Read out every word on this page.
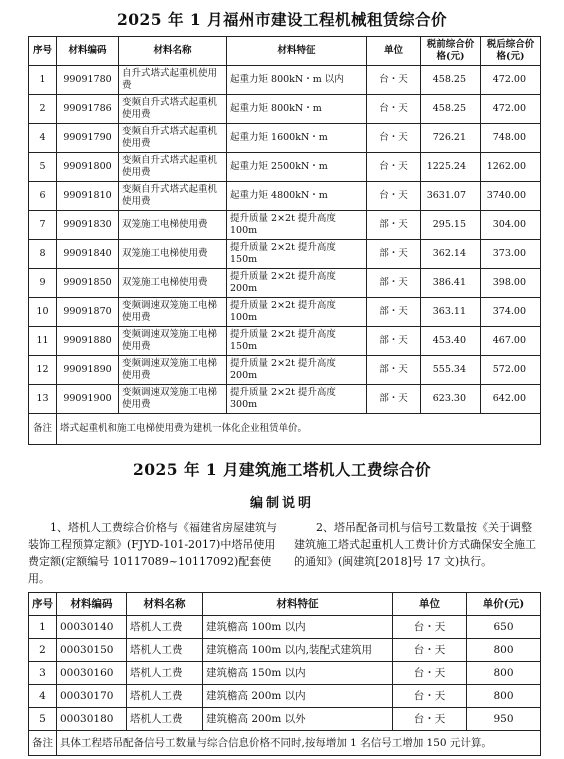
2025 年 1 月福州市建设工程机械租赁综合价
序号	材料编码	材料名称	材料特征	单位	税前综合价格(元)	税后综合价格(元)
1	99091780	自升式塔式起重机使用费	起重力矩 800kN・m 以内	台・天	458.25	472.00
2	99091786	变频自升式塔式起重机使用费	起重力矩 800kN・m	台・天	458.25	472.00
4	99091790	变频自升式塔式起重机使用费	起重力矩 1600kN・m	台・天	726.21	748.00
5	99091800	变频自升式塔式起重机使用费	起重力矩 2500kN・m	台・天	1225.24	1262.00
6	99091810	变频自升式塔式起重机使用费	起重力矩 4800kN・m	台・天	3631.07	3740.00
7	99091830	双笼施工电梯使用费	提升质量 2×2t 提升高度 100m	部・天	295.15	304.00
8	99091840	双笼施工电梯使用费	提升质量 2×2t 提升高度 150m	部・天	362.14	373.00
9	99091850	双笼施工电梯使用费	提升质量 2×2t 提升高度 200m	部・天	386.41	398.00
10	99091870	变频调速双笼施工电梯使用费	提升质量 2×2t 提升高度 100m	部・天	363.11	374.00
11	99091880	变频调速双笼施工电梯使用费	提升质量 2×2t 提升高度 150m	部・天	453.40	467.00
12	99091890	变频调速双笼施工电梯使用费	提升质量 2×2t 提升高度 200m	部・天	555.34	572.00
13	99091900	变频调速双笼施工电梯使用费	提升质量 2×2t 提升高度 300m	部・天	623.30	642.00
备注	塔式起重机和施工电梯使用费为建机一体化企业租赁单价。					
2025 年 1 月建筑施工塔机人工费综合价
编制说明
1、塔机人工费综合价格与《福建省房屋建筑与装饰工程预算定额》(FJYD-101-2017)中塔吊使用费定额(定额编号 10117089~10117092)配套使用。
2、塔吊配备司机与信号工数量按《关于调整建筑施工塔式起重机人工费计价方式确保安全施工的通知》(闽建筑[2018]号 17 文)执行。
序号	材料编码	材料名称	材料特征	单位	单价(元)
1	00030140	塔机人工费	建筑檐高 100m 以内	台・天	650
2	00030150	塔机人工费	建筑檐高 100m 以内,装配式建筑用	台・天	800
3	00030160	塔机人工费	建筑檐高 150m 以内	台・天	800
4	00030170	塔机人工费	建筑檐高 200m 以内	台・天	800
5	00030180	塔机人工费	建筑檐高 200m 以外	台・天	950
备注	具体工程塔吊配备信号工数量与综合信息价格不同时,按每增加 1 名信号工增加 150 元计算。				
